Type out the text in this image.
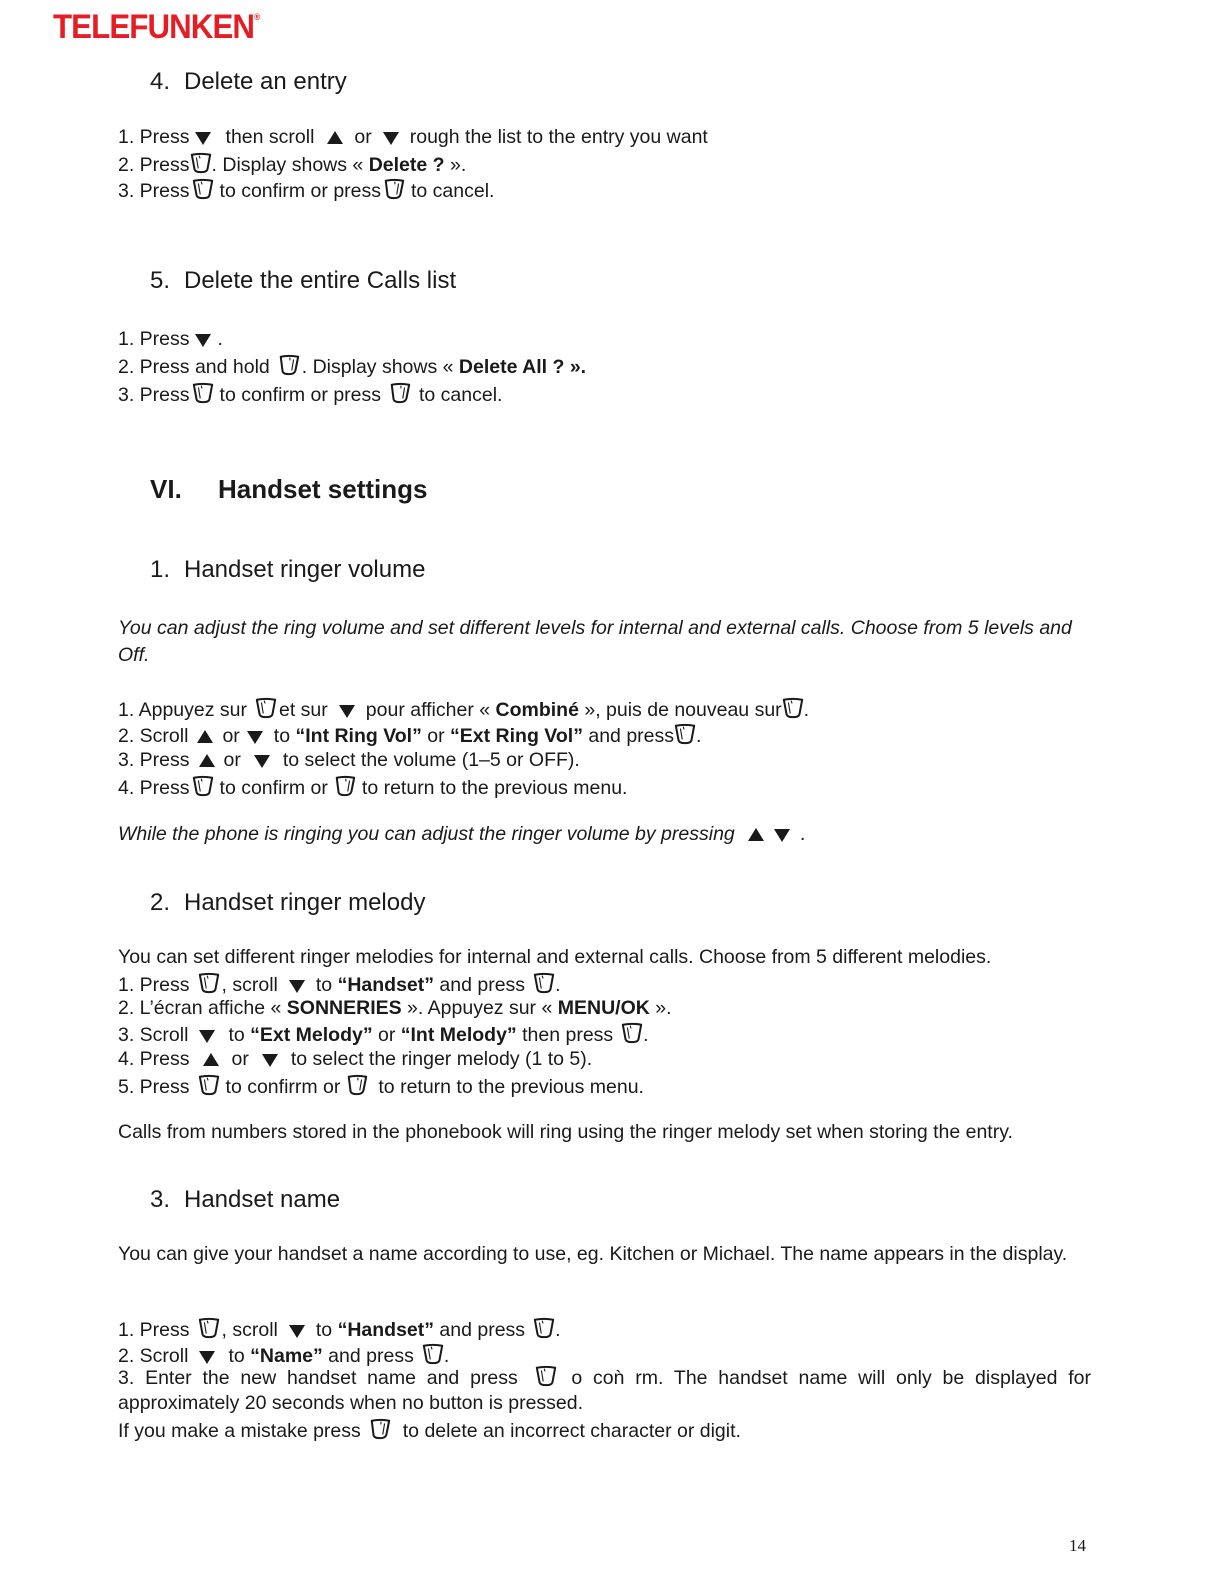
TELEFUNKEN®
4. Delete an entry
1. Press then scroll or rough the list to the entry you want
2. Press . Display shows « Delete ? ».
3. Press to confirm or press to cancel.
5. Delete the entire Calls list
1. Press .
2. Press and hold . Display shows « Delete All ? ».
3. Press to confirm or press to cancel.
VI. Handset settings
1. Handset ringer volume
You can adjust the ring volume and set different levels for internal and external calls. Choose from 5 levels and Off.
1. Appuyez sur et sur pour afficher « Combiné », puis de nouveau sur .
2. Scroll or to “Int Ring Vol” or “Ext Ring Vol” and press .
3. Press or to select the volume (1–5 or OFF).
4. Press to confirm or to return to the previous menu.
While the phone is ringing you can adjust the ringer volume by pressing	.
2. Handset ringer melody
You can set different ringer melodies for internal and external calls. Choose from 5 different melodies.
1. Press , scroll to “Handset” and press .
2. L’écran affiche « SONNERIES ». Appuyez sur « MENU/OK ».
3. Scroll to “Ext Melody” or “Int Melody” then press .
4. Press or to select the ringer melody (1 to 5).
5. Press to confirrm or to return to the previous menu.
Calls from numbers stored in the phonebook will ring using the ringer melody set when storing the entry.
3. Handset name
You can give your handset a name according to use, eg. Kitchen or Michael. The name appears in the display.
1. Press , scroll to “Handset” and press .
2. Scroll to “Name” and press .
3. Enter the new handset name and press	o coǹ rm. The handset name will only be displayed for approximately 20 seconds when no button is pressed.
If you make a mistake press to delete an incorrect character or digit.
14
